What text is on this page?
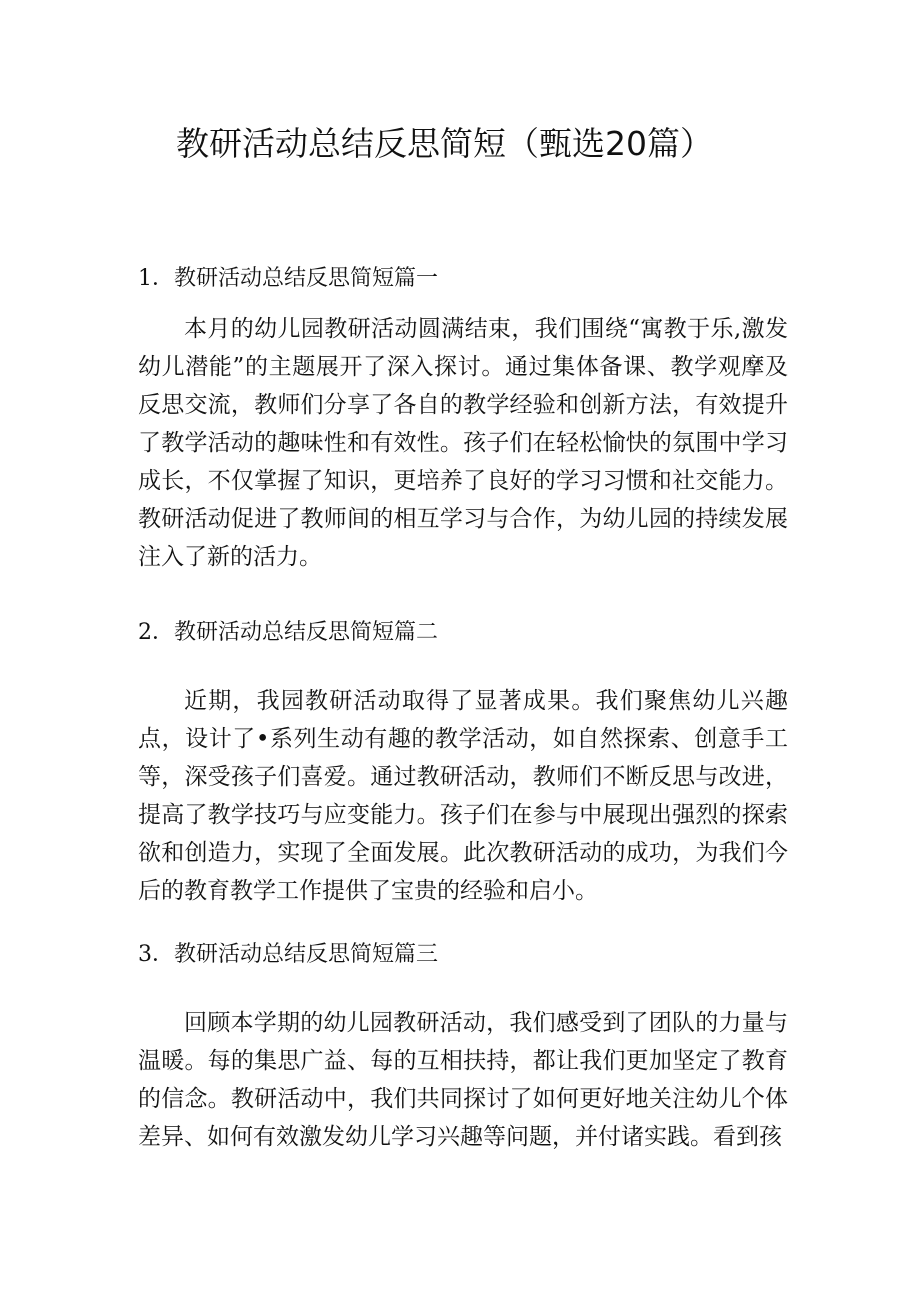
教研活动总结反思简短（甄选20篇）
1．教研活动总结反思简短篇一

本月的幼儿园教研活动圆满结束，我们围绕“寓教于乐,激发幼儿潜能”的主题展开了深入探讨。通过集体备课、教学观摩及反思交流，教师们分享了各自的教学经验和创新方法，有效提升了教学活动的趣味性和有效性。孩子们在轻松愉快的氛围中学习成长，不仅掌握了知识，更培养了良好的学习习惯和社交能力。教研活动促进了教师间的相互学习与合作，为幼儿园的持续发展注入了新的活力。

2．教研活动总结反思简短篇二

近期，我园教研活动取得了显著成果。我们聚焦幼儿兴趣点，设计了•系列生动有趣的教学活动，如自然探索、创意手工等，深受孩子们喜爱。通过教研活动，教师们不断反思与改进，提高了教学技巧与应变能力。孩子们在参与中展现出强烈的探索欲和创造力，实现了全面发展。此次教研活动的成功，为我们今后的教育教学工作提供了宝贵的经验和启小。

3．教研活动总结反思简短篇三

回顾本学期的幼儿园教研活动，我们感受到了团队的力量与温暖。每的集思广益、每的互相扶持，都让我们更加坚定了教育的信念。教研活动中，我们共同探讨了如何更好地关注幼儿个体差异、如何有效激发幼儿学习兴趣等问题，并付诸实践。看到孩
